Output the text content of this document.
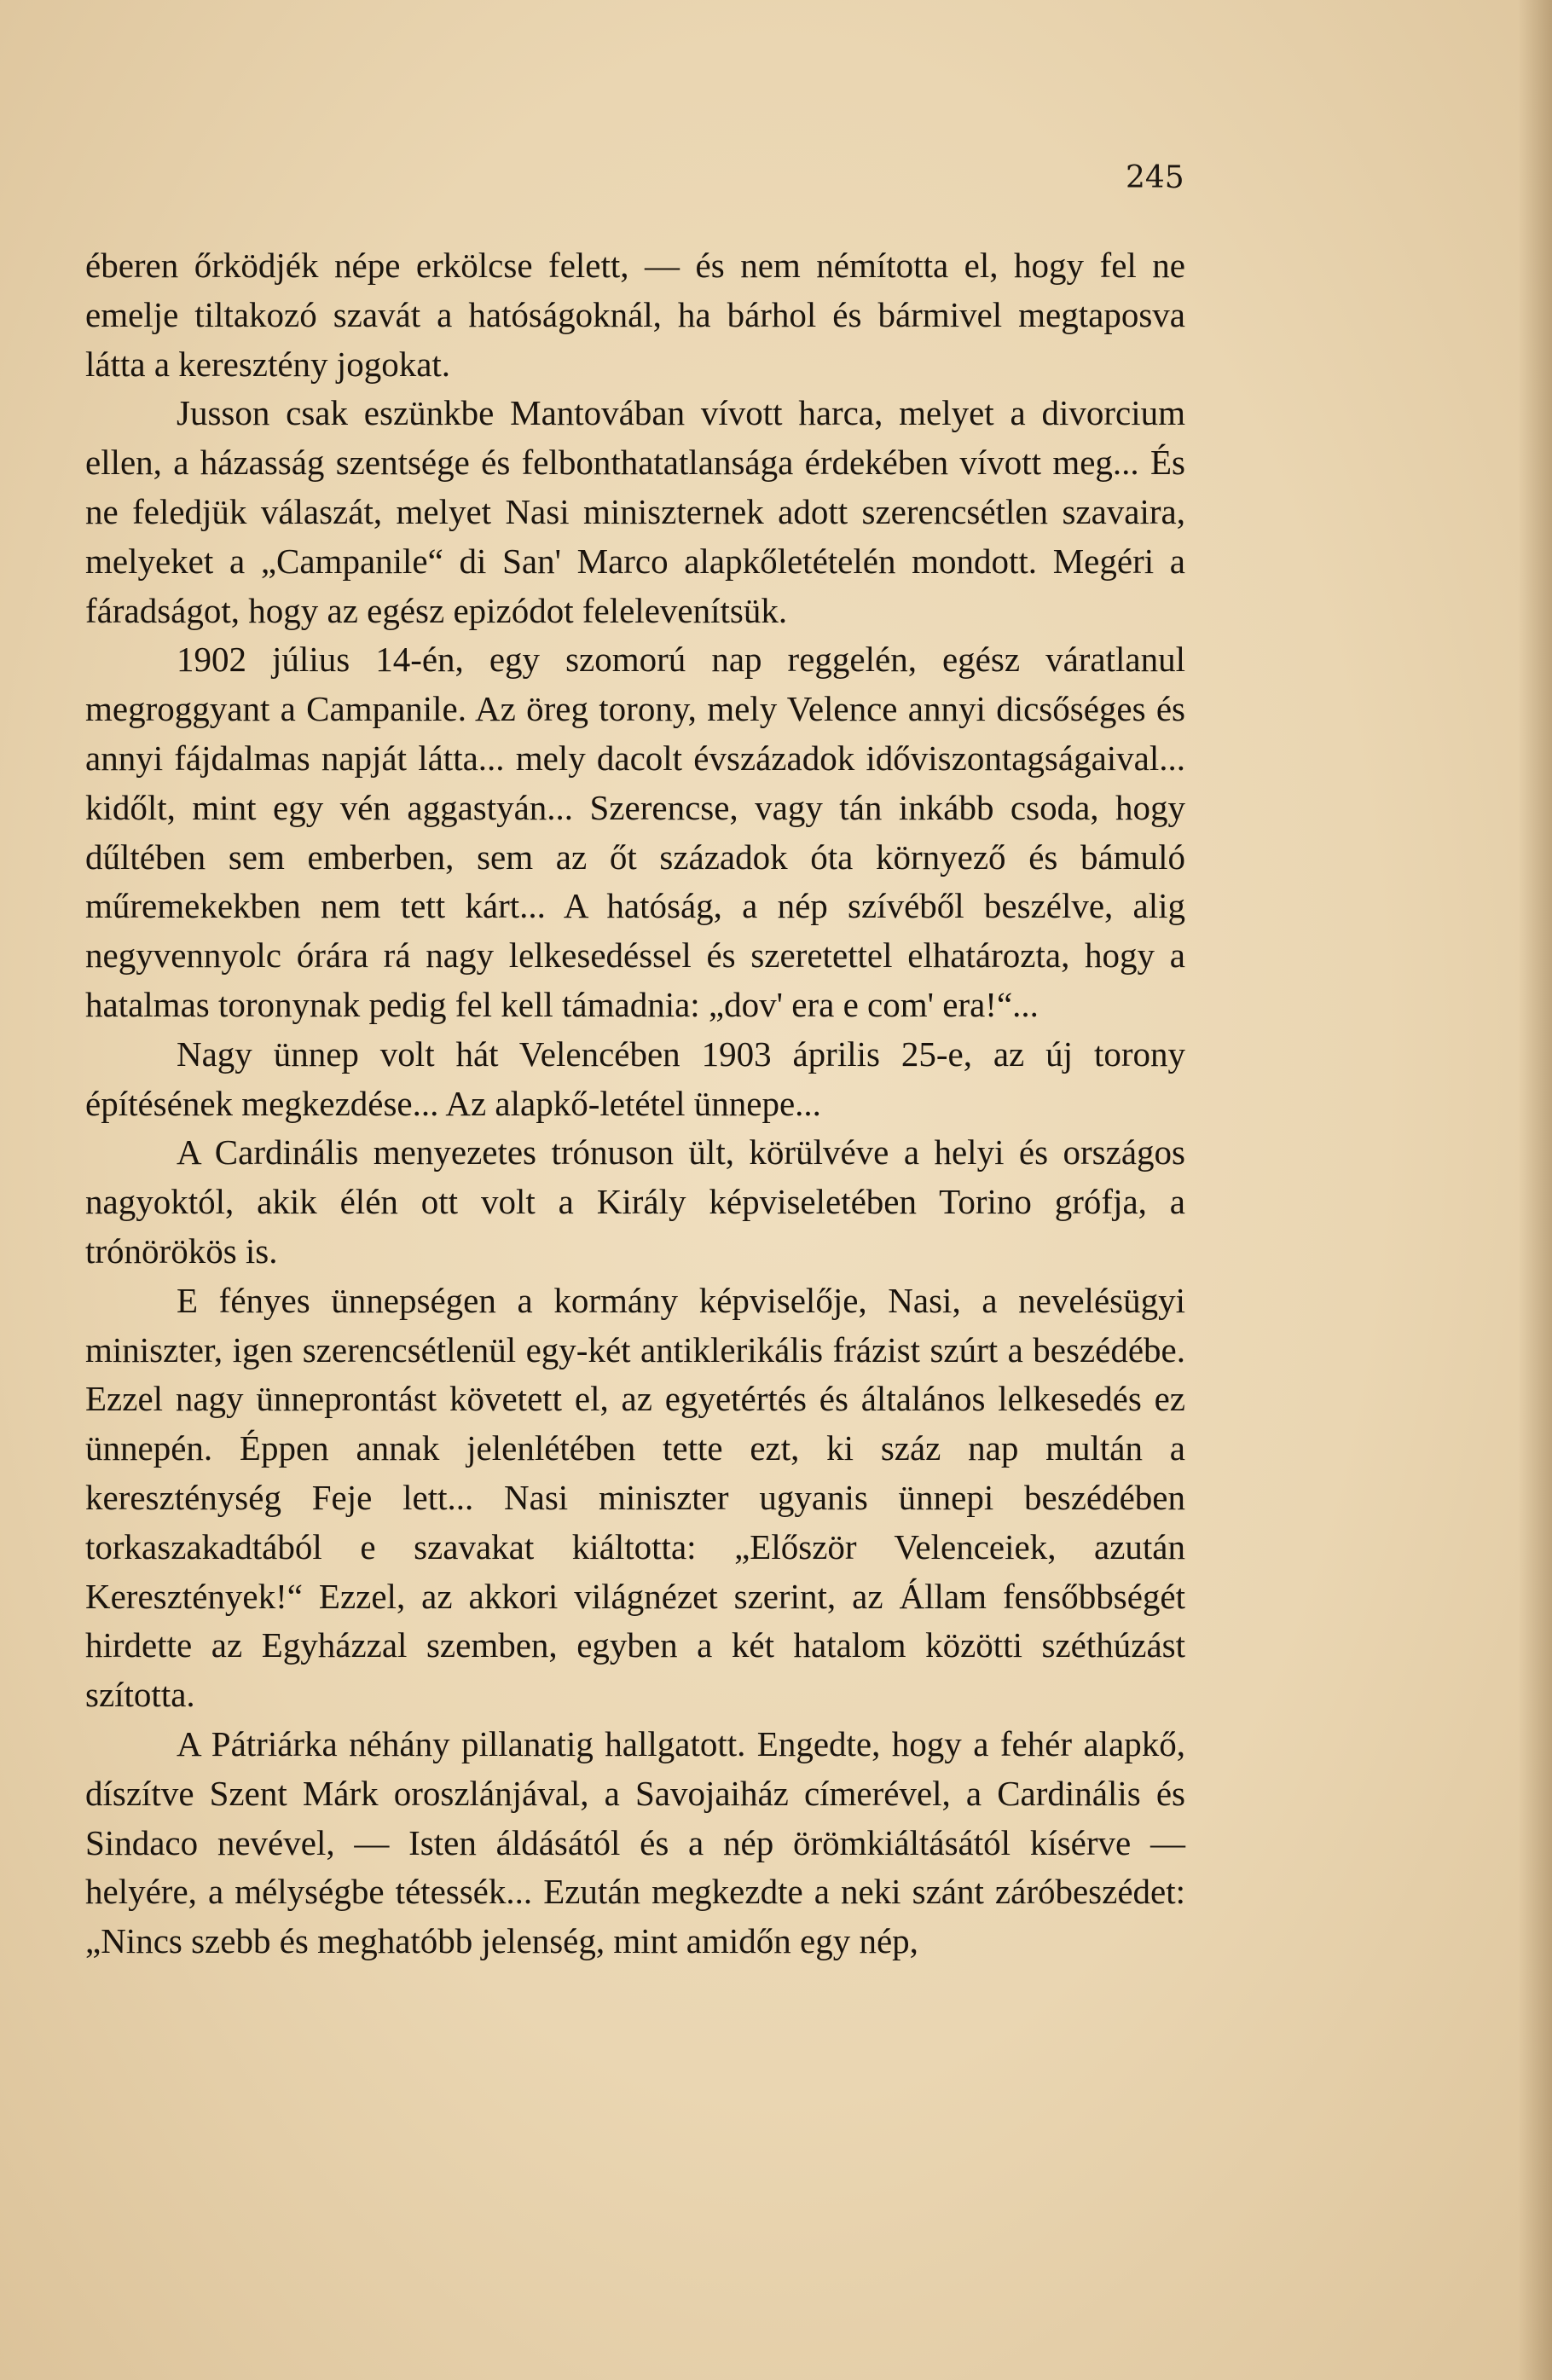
245

éberen őrködjék népe erkölcse felett, — és nem némította el, hogy fel ne emelje tiltakozó szavát a hatóságoknál, ha bárhol és bármivel megtaposva látta a keresztény jogokat.

Jusson csak eszünkbe Mantovában vívott harca, melyet a divorcium ellen, a házasság szentsége és felbonthatatlansága érdekében vívott meg... És ne feledjük válaszát, melyet Nasi miniszternek adott szerencsétlen szavaira, melyeket a „Campanile“ di San' Marco alapkőletételén mondott. Megéri a fáradságot, hogy az egész epizódot felelevenítsük.

1902 július 14-én, egy szomorú nap reggelén, egész váratlanul megroggyant a Campanile. Az öreg torony, mely Velence annyi dicsőséges és annyi fájdalmas napját látta... mely dacolt évszázadok időviszontagságaival... kidőlt, mint egy vén aggastyán... Szerencse, vagy tán inkább csoda, hogy dűltében sem emberben, sem az őt századok óta környező és bámuló műremekekben nem tett kárt... A hatóság, a nép szívéből beszélve, alig negyvennyolc órára rá nagy lelkesedéssel és szeretettel elhatározta, hogy a hatalmas toronynak pedig fel kell támadnia: „dov' era e com' era!“...

Nagy ünnep volt hát Velencében 1903 április 25-e, az új torony építésének megkezdése... Az alapkő-letétel ünnepe...

A Cardinális menyezetes trónuson ült, körülvéve a helyi és országos nagyoktól, akik élén ott volt a Király képviseletében Torino grófja, a trónörökös is.

E fényes ünnepségen a kormány képviselője, Nasi, a nevelésügyi miniszter, igen szerencsétlenül egy-két antiklerikális frázist szúrt a beszédébe. Ezzel nagy ünneprontást követett el, az egyetértés és általános lelkesedés ez ünnepén. Éppen annak jelenlétében tette ezt, ki száz nap multán a kereszténység Feje lett... Nasi miniszter ugyanis ünnepi beszédében torkaszakadtából e szavakat kiáltotta: „Először Velenceiek, azután Keresztények!“ Ezzel, az akkori világnézet szerint, az Állam fensőbbségét hirdette az Egyházzal szemben, egyben a két hatalom közötti széthúzást szította.

A Pátriárka néhány pillanatig hallgatott. Engedte, hogy a fehér alapkő, díszítve Szent Márk oroszlánjával, a Savojaiház címerével, a Cardinális és Sindaco nevével, — Isten áldásától és a nép örömkiáltásától kísérve — helyére, a mélységbe tétessék... Ezután megkezdte a neki szánt záróbeszédet: „Nincs szebb és meghatóbb jelenség, mint amidőn egy nép,
